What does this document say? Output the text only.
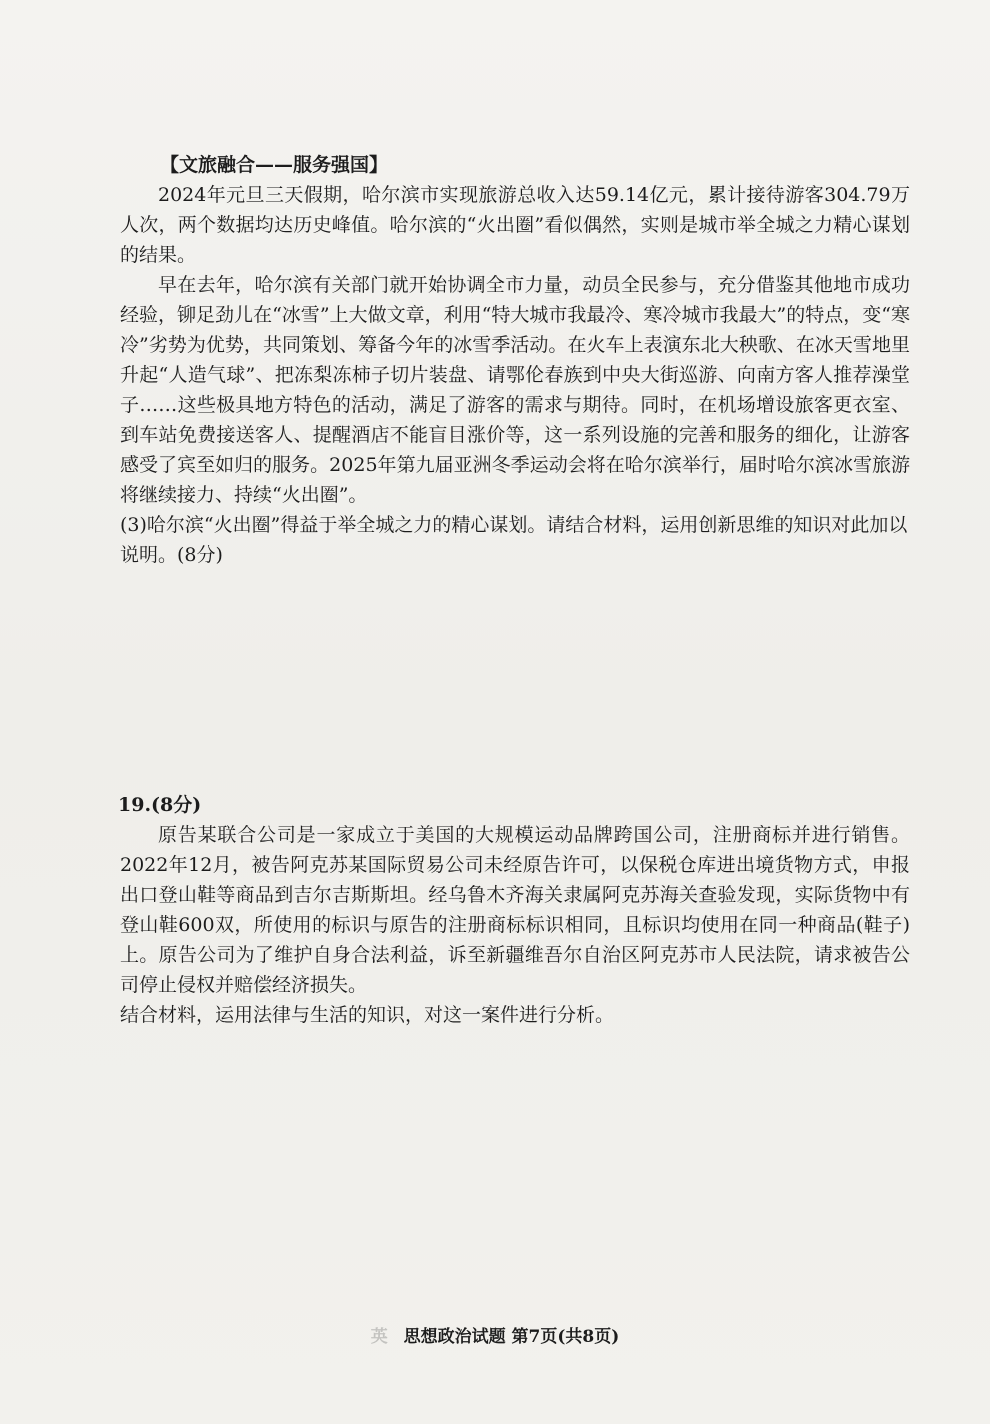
【文旅融合——服务强国】

2024年元旦三天假期，哈尔滨市实现旅游总收入达59.14亿元，累计接待游客304.79万人次，两个数据均达历史峰值。哈尔滨的“火出圈”看似偶然，实则是城市举全城之力精心谋划的结果。

早在去年，哈尔滨有关部门就开始协调全市力量，动员全民参与，充分借鉴其他地市成功经验，铆足劲儿在“冰雪”上大做文章，利用“特大城市我最冷、寒冷城市我最大”的特点，变“寒冷”劣势为优势，共同策划、筹备今年的冰雪季活动。在火车上表演东北大秧歌、在冰天雪地里升起“人造气球”、把冻梨冻柿子切片装盘、请鄂伦春族到中央大街巡游、向南方客人推荐澡堂子……这些极具地方特色的活动，满足了游客的需求与期待。同时，在机场增设旅客更衣室、到车站免费接送客人、提醒酒店不能盲目涨价等，这一系列设施的完善和服务的细化，让游客感受了宾至如归的服务。2025年第九届亚洲冬季运动会将在哈尔滨举行，届时哈尔滨冰雪旅游将继续接力、持续“火出圈”。

(3)哈尔滨“火出圈”得益于举全城之力的精心谋划。请结合材料，运用创新思维的知识对此加以说明。(8分)

19.(8分)

原告某联合公司是一家成立于美国的大规模运动品牌跨国公司，注册商标并进行销售。2022年12月，被告阿克苏某国际贸易公司未经原告许可，以保税仓库进出境货物方式，申报出口登山鞋等商品到吉尔吉斯斯坦。经乌鲁木齐海关隶属阿克苏海关查验发现，实际货物中有登山鞋600双，所使用的标识与原告的注册商标标识相同，且标识均使用在同一种商品(鞋子)上。原告公司为了维护自身合法利益，诉至新疆维吾尔自治区阿克苏市人民法院，请求被告公司停止侵权并赔偿经济损失。

结合材料，运用法律与生活的知识，对这一案件进行分析。

英 思想政治试题 第7页(共8页)
